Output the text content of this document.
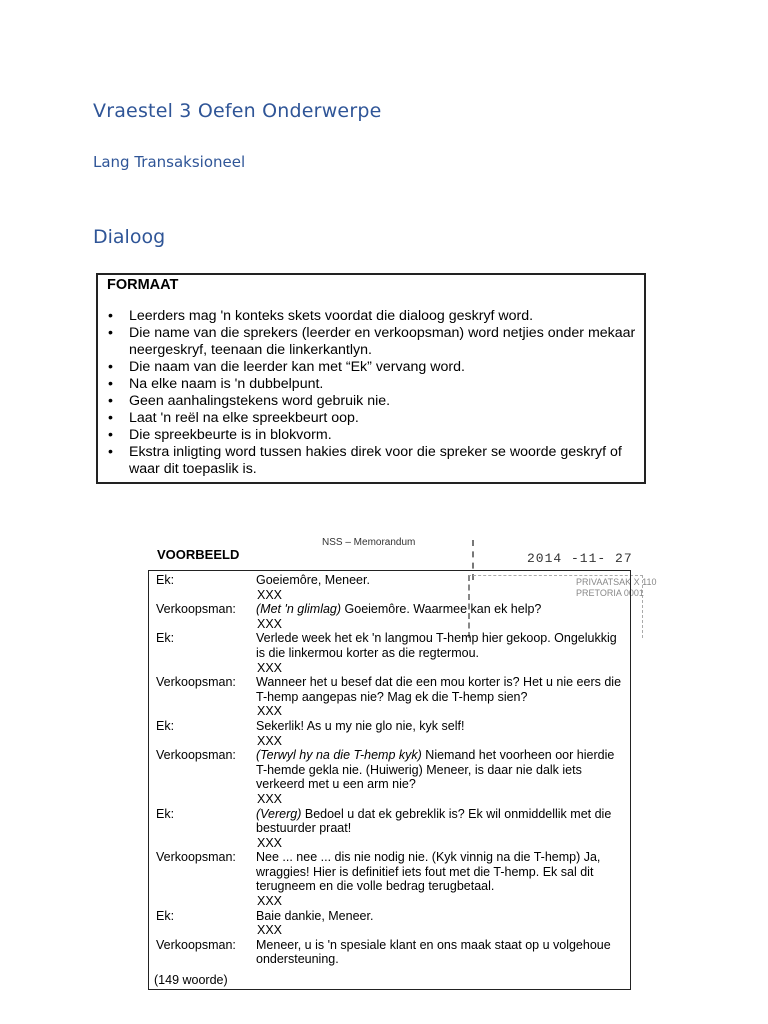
Vraestel 3 Oefen Onderwerpe
Lang Transaksioneel
Dialoog
FORMAAT
• Leerders mag 'n konteks skets voordat die dialoog geskryf word.
• Die name van die sprekers (leerder en verkoopsman) word netjies onder mekaar neergeskryf, teenaan die linkerkantlyn.
• Die naam van die leerder kan met “Ek” vervang word.
• Na elke naam is 'n dubbelpunt.
• Geen aanhalingstekens word gebruik nie.
• Laat 'n reël na elke spreekbeurt oop.
• Die spreekbeurte is in blokvorm.
• Ekstra inligting word tussen hakies direk voor die spreker se woorde geskryf of waar dit toepaslik is.
NSS – Memorandum
VOORBEELD	2014 -11- 27
PRIVAATSAK X 110
PRETORIA 0001
Ek:	Goeiemôre, Meneer.
XXX
Verkoopsman: (Met 'n glimlag) Goeiemôre. Waarmee kan ek help?
XXX
Ek:	Verlede week het ek 'n langmou T-hemp hier gekoop. Ongelukkig is die linkermou korter as die regtermou.
XXX
Verkoopsman: Wanneer het u besef dat die een mou korter is? Het u nie eers die T-hemp aangepas nie? Mag ek die T-hemp sien?
XXX
Ek:	Sekerlik! As u my nie glo nie, kyk self!
XXX
Verkoopsman: (Terwyl hy na die T-hemp kyk) Niemand het voorheen oor hierdie T-hemde gekla nie. (Huiwerig) Meneer, is daar nie dalk iets verkeerd met u een arm nie?
XXX
Ek:	(Vererg) Bedoel u dat ek gebreklik is? Ek wil onmiddellik met die bestuurder praat!
XXX
Verkoopsman: Nee ... nee ... dis nie nodig nie. (Kyk vinnig na die T-hemp) Ja, wraggies! Hier is definitief iets fout met die T-hemp. Ek sal dit terugneem en die volle bedrag terugbetaal.
XXX
Ek:	Baie dankie, Meneer.
XXX
Verkoopsman: Meneer, u is 'n spesiale klant en ons maak staat op u volgehoue ondersteuning.
(149 woorde)
